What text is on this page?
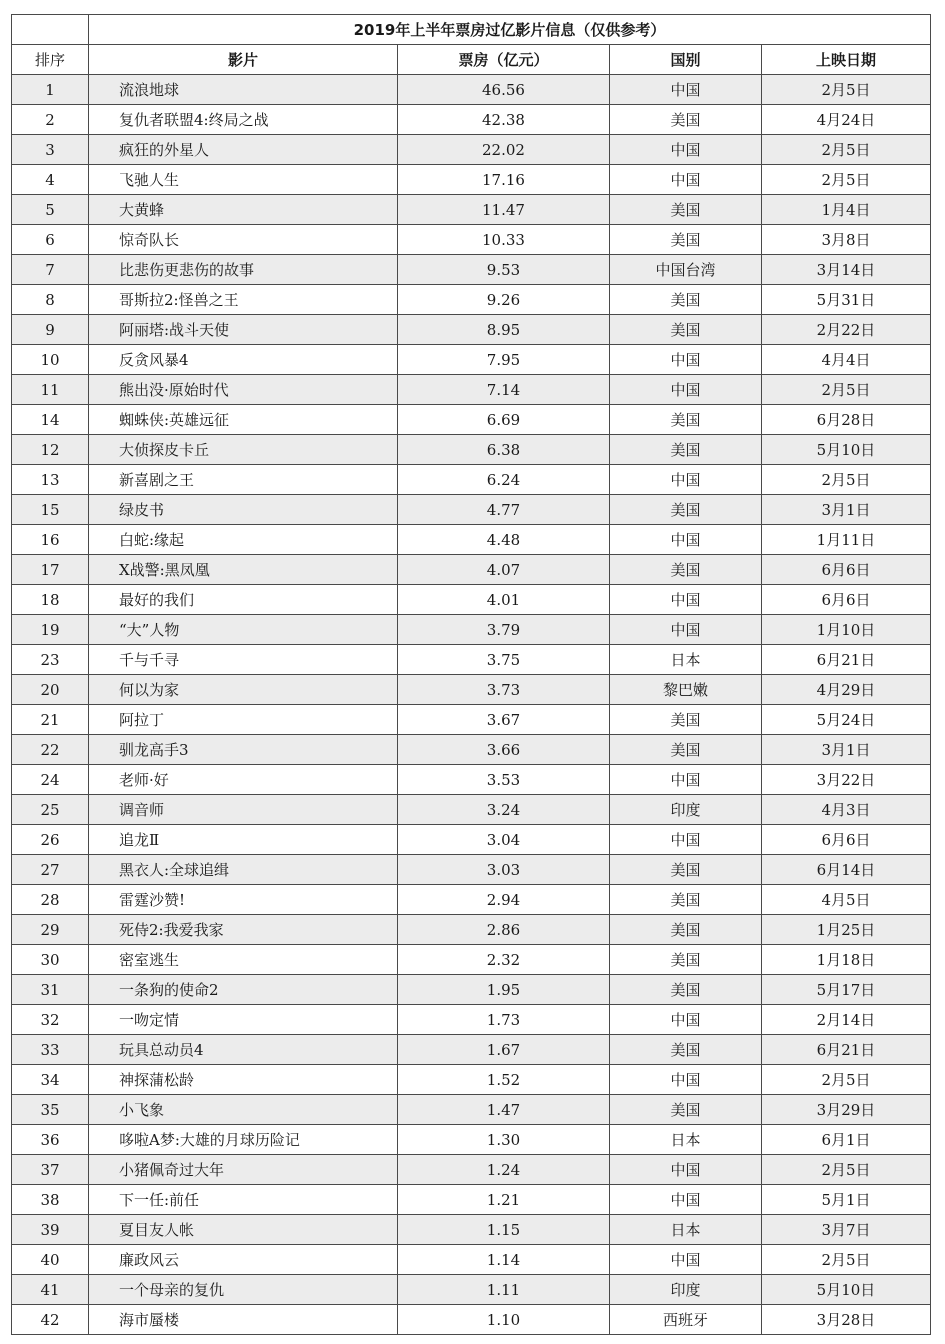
	2019年上半年票房过亿影片信息（仅供参考）			
排序	影片	票房（亿元）	国别	上映日期
1	流浪地球	46.56	中国	2月5日
2	复仇者联盟4:终局之战	42.38	美国	4月24日
3	疯狂的外星人	22.02	中国	2月5日
4	飞驰人生	17.16	中国	2月5日
5	大黄蜂	11.47	美国	1月4日
6	惊奇队长	10.33	美国	3月8日
7	比悲伤更悲伤的故事	9.53	中国台湾	3月14日
8	哥斯拉2:怪兽之王	9.26	美国	5月31日
9	阿丽塔:战斗天使	8.95	美国	2月22日
10	反贪风暴4	7.95	中国	4月4日
11	熊出没·原始时代	7.14	中国	2月5日
14	蜘蛛侠:英雄远征	6.69	美国	6月28日
12	大侦探皮卡丘	6.38	美国	5月10日
13	新喜剧之王	6.24	中国	2月5日
15	绿皮书	4.77	美国	3月1日
16	白蛇:缘起	4.48	中国	1月11日
17	X战警:黑凤凰	4.07	美国	6月6日
18	最好的我们	4.01	中国	6月6日
19	“大”人物	3.79	中国	1月10日
23	千与千寻	3.75	日本	6月21日
20	何以为家	3.73	黎巴嫩	4月29日
21	阿拉丁	3.67	美国	5月24日
22	驯龙高手3	3.66	美国	3月1日
24	老师·好	3.53	中国	3月22日
25	调音师	3.24	印度	4月3日
26	追龙Ⅱ	3.04	中国	6月6日
27	黑衣人:全球追缉	3.03	美国	6月14日
28	雷霆沙赞!	2.94	美国	4月5日
29	死侍2:我爱我家	2.86	美国	1月25日
30	密室逃生	2.32	美国	1月18日
31	一条狗的使命2	1.95	美国	5月17日
32	一吻定情	1.73	中国	2月14日
33	玩具总动员4	1.67	美国	6月21日
34	神探蒲松龄	1.52	中国	2月5日
35	小飞象	1.47	美国	3月29日
36	哆啦A梦:大雄的月球历险记	1.30	日本	6月1日
37	小猪佩奇过大年	1.24	中国	2月5日
38	下一任:前任	1.21	中国	5月1日
39	夏目友人帐	1.15	日本	3月7日
40	廉政风云	1.14	中国	2月5日
41	一个母亲的复仇	1.11	印度	5月10日
42	海市蜃楼	1.10	西班牙	3月28日
